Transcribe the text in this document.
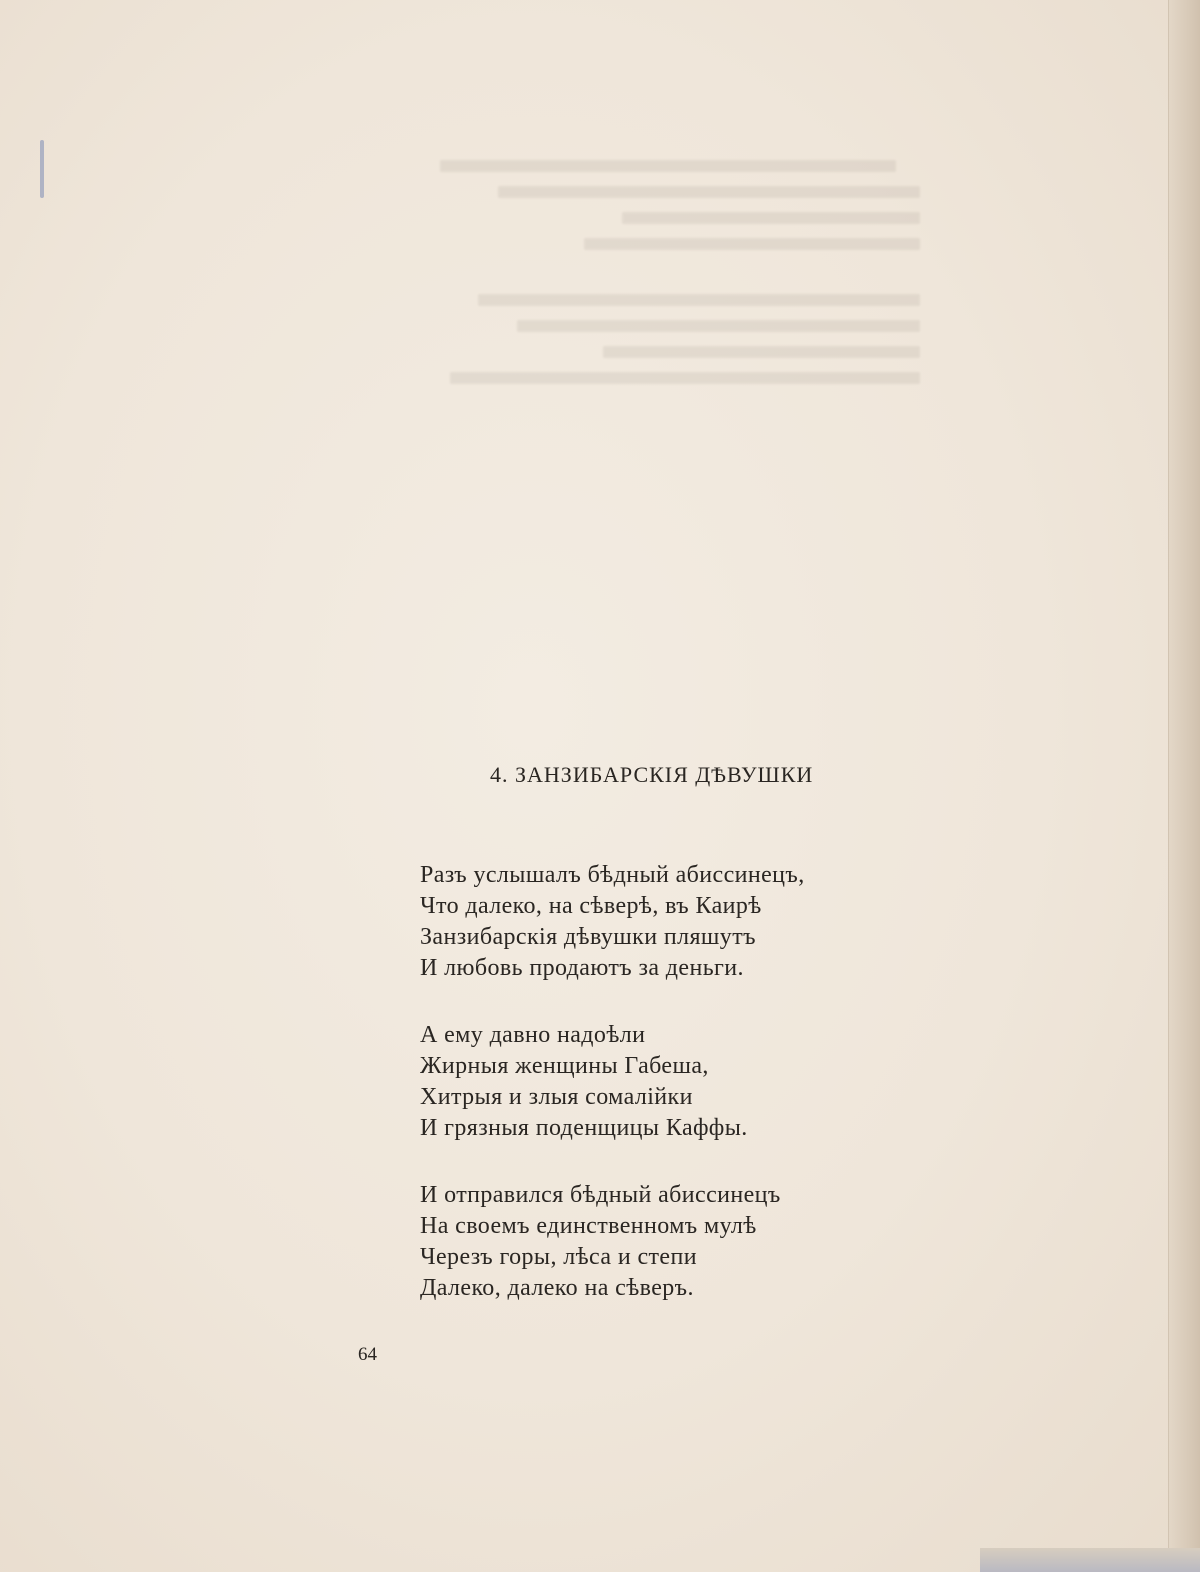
4. ЗАНЗИБАРСКІЯ ДѢВУШКИ
Разъ услышалъ бѣдный абиссинецъ,
Что далеко, на сѣверѣ, въ Каирѣ
Занзибарскія дѣвушки пляшутъ
И любовь продаютъ за деньги.
А ему давно надоѣли
Жирныя женщины Габеша,
Хитрыя и злыя сомалійки
И грязныя поденщицы Каффы.
И отправился бѣдный абиссинецъ
На своемъ единственномъ мулѣ
Черезъ горы, лѣса и степи
Далеко, далеко на сѣверъ.
64
